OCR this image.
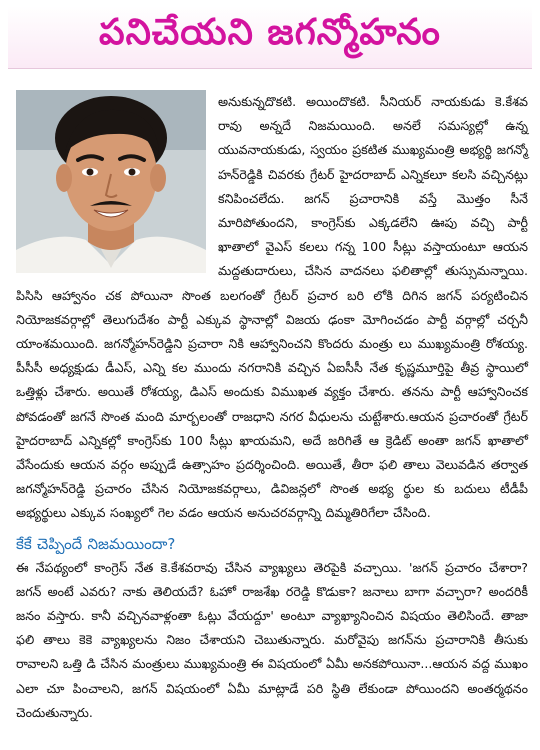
పనిచేయని జగన్మోహనం

అనుకున్నదొకటి. అయిందొకటి. సీనియర్ నాయకుడు కె.కేశవ రావు అన్నదే నిజమయింది. అనలే సమస్యల్లో ఉన్న యువనాయకుడు, స్వయం ప్రకటిత ముఖ్యమంత్రి అభ్యర్థి జగన్మో హన్‌రెడ్డికి చివరకు గ్రేటర్ హైదరాబాద్ ఎన్నికలూ కలసి వచ్చినట్లు కనిపించలేదు. జగన్ ప్రచారానికి వస్తే మొత్తం సీనే మారిపోతుందని, కాంగ్రెస్‌కు ఎక్కడలేని ఊపు వచ్చి పార్టీ ఖాతాలో వైఎస్ కలలు గన్న 100 సీట్లు వస్తాయంటూ ఆయన మద్దతుదారులు, చేసిన వాదనలు ఫలితాల్లో తుస్సుమన్నాయి. పిసిసి ఆహ్వానం చక పోయినా సొంత బలగంతో గ్రేటర్ ప్రచార బరి లోకి దిగిన జగన్ పర్యటించిన నియోజకవర్గాల్లో తెలుగుదేశం పార్టీ ఎక్కువ స్థానాల్లో విజయ ఢంకా మోగించడం పార్టీ వర్గాల్లో చర్చనీ యాంశమయింది. జగన్మోహన్‌రెడ్డిని ప్రచారా నికి ఆహ్వానించని కొందరు మంత్రు లు ముఖ్యమంత్రి రోశయ్య. పీసీసీ అధ్యక్షుడు డీఎస్, ఎన్ని కల ముందు నగరానికి వచ్చిన ఏఐసీసీ నేత కృష్ణమూర్తిపై తీవ్ర స్థాయిలో ఒత్తిళ్లు చేశారు. అయితే రోశయ్య, డిఎస్ అందుకు విముఖత వ్యక్తం చేశారు. తనను పార్టీ ఆహ్వానించక పోవడంతో జగనే సొంత మంది మార్బలంతో రాజధాని నగర వీధులను చుట్టేశారు.ఆయన ప్రచారంతో గ్రేటర్ హైదరాబాద్ ఎన్నికల్లో కాంగ్రెస్‌కు 100 సీట్లు ఖాయమని, అదే జరిగితే ఆ క్రెడిట్ అంతా జగన్ ఖాతాలో వేసేందుకు ఆయన వర్గం అప్పుడే ఉత్సాహం ప్రదర్శించింది. అయితే, తీరా ఫలి తాలు వెలువడిన తర్వాత జగన్మోహన్‌రెడ్డి ప్రచారం చేసిన నియోజకవర్గాలు, డివిజన్లలో సొంత అభ్య ర్థుల కు బదులు టీడీపీ అభ్యర్థులు ఎక్కువ సంఖ్యలో గెల వడం ఆయన అనుచరవర్గాన్ని దిమ్మతిరిగేలా చేసింది.

కేకే చెప్పిందే నిజమయిందా?

ఈ నేపథ్యంలో కాంగ్రెస్ నేత కె.కేశవరావు చేసిన వ్యాఖ్యలు తెరపైకి వచ్చాయి. 'జగన్ ప్రచారం చేశారా? జగన్ అంటే ఎవరు? నాకు తెలియదే? ఓహో రాజశేఖ రరెడ్డి కొడుకా? జనాలు బాగా వచ్చారా? అందరికీ జనం వస్తారు. కానీ వచ్చినవాళ్లంతా ఓట్లు వేయద్దూ' అంటూ వ్యాఖ్యానించిన విషయం తెలిసిందే. తాజా ఫలి తాలు కెకె వ్యాఖ్యలను నిజం చేశాయని చెబుతున్నారు. మరోవైపు జగన్‌ను ప్రచారానికి తీసుకు రావాలని ఒత్తి డి చేసిన మంత్రులు ముఖ్యమంత్రి ఈ విషయంలో ఏమీ అనకపోయినా...ఆయన వద్ద ముఖం ఎలా చూ పించాలని, జగన్ విషయంలో ఏమీ మాట్లాడే పరి స్థితి లేకుండా పోయిందని అంతర్మథనం చెందుతున్నారు.
